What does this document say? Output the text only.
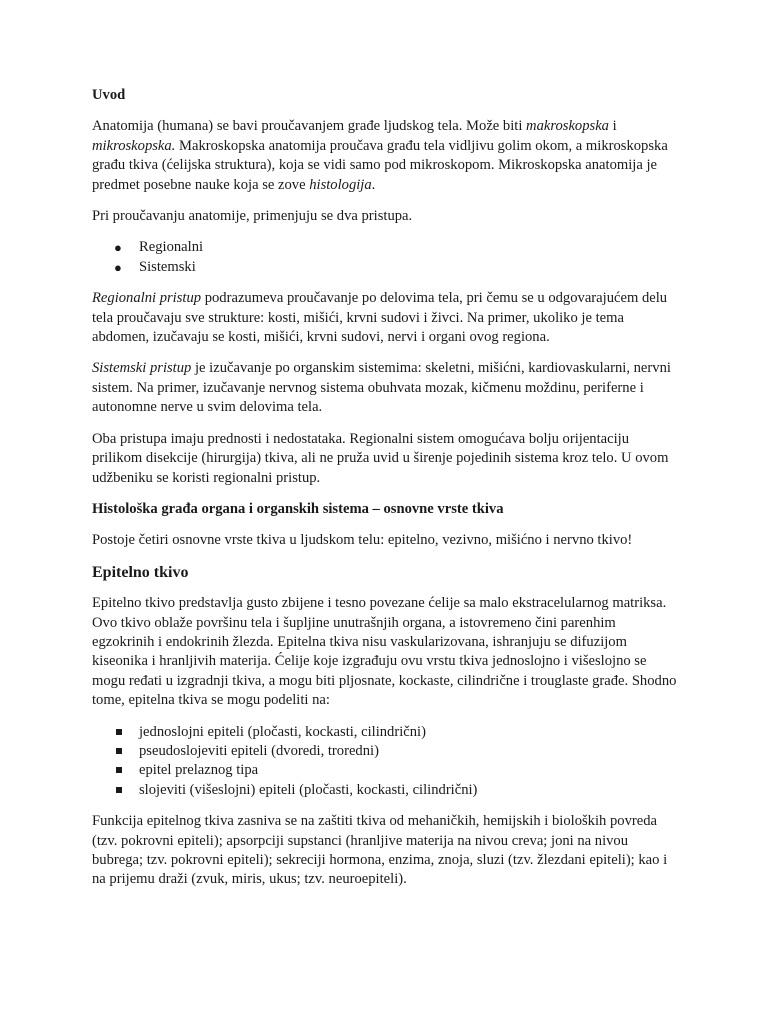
Uvod

Anatomija (humana) se bavi proučavanjem građe ljudskog tela. Može biti makroskopska i mikroskopska. Makroskopska anatomija proučava građu tela vidljivu golim okom, a mikroskopska građu tkiva (ćelijska struktura), koja se vidi samo pod mikroskopom. Mikroskopska anatomija je predmet posebne nauke koja se zove histologija.

Pri proučavanju anatomije, primenjuju se dva pristupa.

● Regionalni
● Sistemski

Regionalni pristup podrazumeva proučavanje po delovima tela, pri čemu se u odgovarajućem delu tela proučavaju sve strukture: kosti, mišići, krvni sudovi i živci. Na primer, ukoliko je tema abdomen, izučavaju se kosti, mišići, krvni sudovi, nervi i organi ovog regiona.

Sistemski pristup je izučavanje po organskim sistemima: skeletni, mišićni, kardiovaskularni, nervni sistem. Na primer, izučavanje nervnog sistema obuhvata mozak, kičmenu moždinu, periferne i autonomne nerve u svim delovima tela.

Oba pristupa imaju prednosti i nedostataka. Regionalni sistem omogućava bolju orijentaciju prilikom disekcije (hirurgija) tkiva, ali ne pruža uvid u širenje pojedinih sistema kroz telo. U ovom udžbeniku se koristi regionalni pristup.

Histološka građa organa i organskih sistema – osnovne vrste tkiva

Postoje četiri osnovne vrste tkiva u ljudskom telu: epitelno, vezivno, mišićno i nervno tkivo!

Epitelno tkivo

Epitelno tkivo predstavlja gusto zbijene i tesno povezane ćelije sa malo ekstracelularnog matriksa. Ovo tkivo oblaže površinu tela i šupljine unutrašnjih organa, a istovremeno čini parenhim egzokrinih i endokrinih žlezda. Epitelna tkiva nisu vaskularizovana, ishranjuju se difuzijom kiseonika i hranljivih materija. Ćelije koje izgrađuju ovu vrstu tkiva jednoslojno i višeslojno se mogu ređati u izgradnji tkiva, a mogu biti pljosnate, kockaste, cilindrične i trouglaste građe. Shodno tome, epitelna tkiva se mogu podeliti na:

jednoslojni epiteli (pločasti, kockasti, cilindrični)
pseudoslojeviti epiteli (dvoredi, troredni)
epitel prelaznog tipa
slojeviti (višeslojni) epiteli (pločasti, kockasti, cilindrični)

Funkcija epitelnog tkiva zasniva se na zaštiti tkiva od mehaničkih, hemijskih i bioloških povreda (tzv. pokrovni epiteli); apsorpciji supstanci (hranljive materija na nivou creva; joni na nivou bubrega; tzv. pokrovni epiteli); sekreciji hormona, enzima, znoja, sluzi (tzv. žlezdani epiteli); kao i na prijemu draži (zvuk, miris, ukus; tzv. neuroepiteli).
